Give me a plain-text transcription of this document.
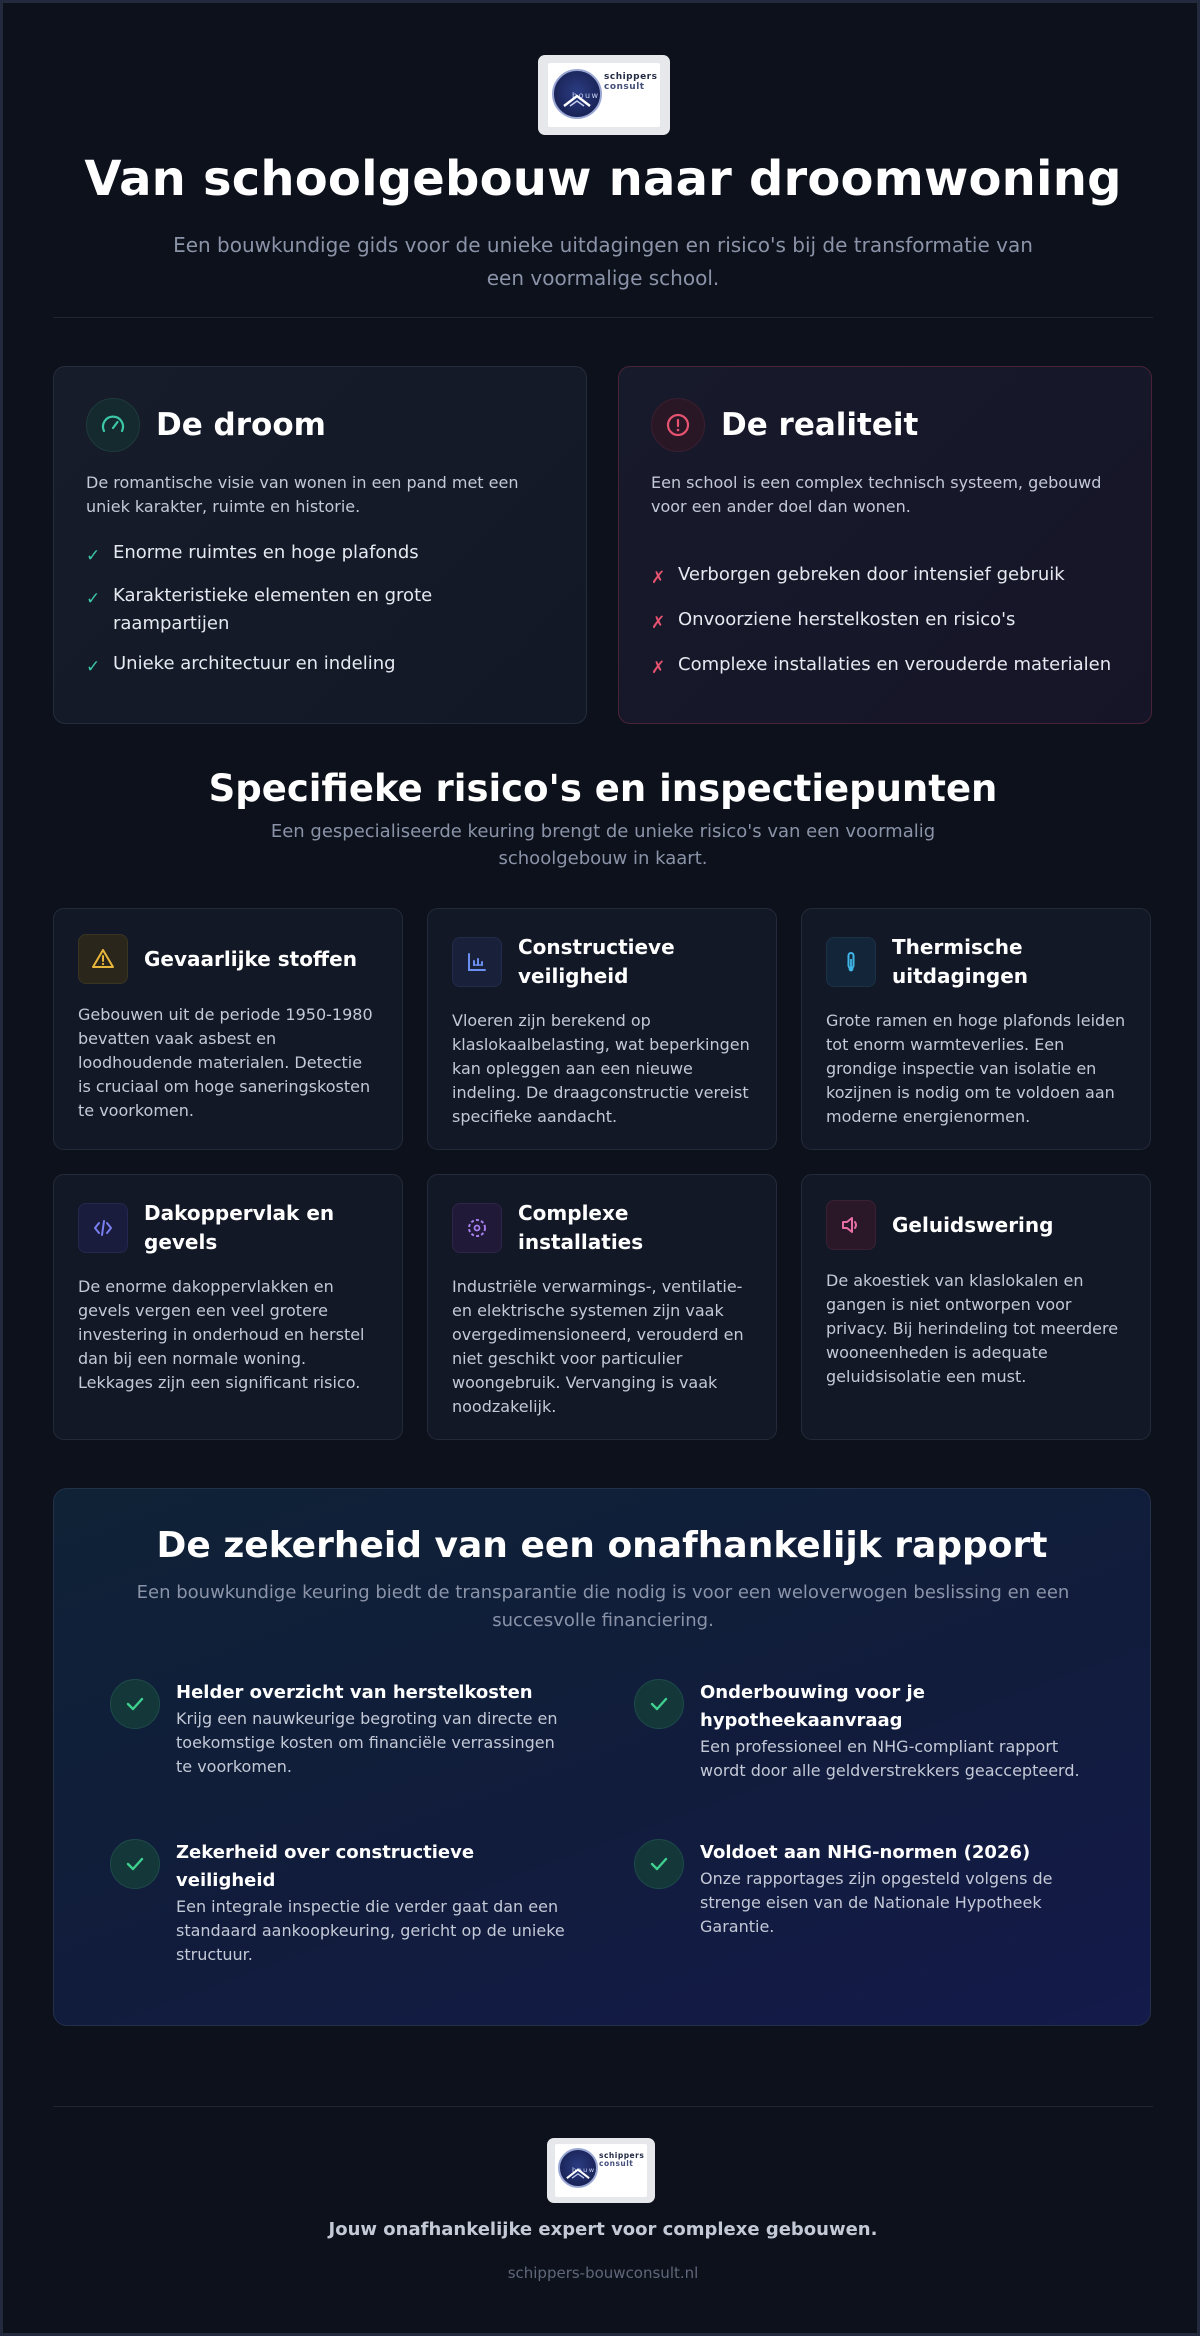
bouw
schippers
consult
Van schoolgebouw naar droomwoning

Een bouwkundige gids voor de unieke uitdagingen en risico's bij de transformatie van een voormalige school.

De droom

De romantische visie van wonen in een pand met een uniek karakter, ruimte en historie.

✓ Enorme ruimtes en hoge plafonds
✓ Karakteristieke elementen en grote raampartijen
✓ Unieke architectuur en indeling
De realiteit

Een school is een complex technisch systeem, gebouwd voor een ander doel dan wonen.

✗ Verborgen gebreken door intensief gebruik
✗ Onvoorziene herstelkosten en risico's
✗ Complexe installaties en verouderde materialen
Specifieke risico's en inspectiepunten

Een gespecialiseerde keuring brengt de unieke risico's van een voormalig schoolgebouw in kaart.

Gevaarlijke stoffen

Gebouwen uit de periode 1950-1980 bevatten vaak asbest en loodhoudende materialen. Detectie is cruciaal om hoge saneringskosten te voorkomen.

Constructieve veiligheid

Vloeren zijn berekend op klaslokaalbelasting, wat beperkingen kan opleggen aan een nieuwe indeling. De draagconstructie vereist specifieke aandacht.

Thermische uitdagingen

Grote ramen en hoge plafonds leiden tot enorm warmteverlies. Een grondige inspectie van isolatie en kozijnen is nodig om te voldoen aan moderne energienormen.

Dakoppervlak en gevels

De enorme dakoppervlakken en gevels vergen een veel grotere investering in onderhoud en herstel dan bij een normale woning. Lekkages zijn een significant risico.

Complexe installaties

Industriële verwarmings-, ventilatie- en elektrische systemen zijn vaak overgedimensioneerd, verouderd en niet geschikt voor particulier woongebruik. Vervanging is vaak noodzakelijk.

Geluidswering

De akoestiek van klaslokalen en gangen is niet ontworpen voor privacy. Bij herindeling tot meerdere wooneenheden is adequate geluidsisolatie een must.

De zekerheid van een onafhankelijk rapport

Een bouwkundige keuring biedt de transparantie die nodig is voor een weloverwogen beslissing en een succesvolle financiering.

Helder overzicht van herstelkosten
Krijg een nauwkeurige begroting van directe en toekomstige kosten om financiële verrassingen te voorkomen.
Onderbouwing voor je hypotheekaanvraag
Een professioneel en NHG-compliant rapport wordt door alle geldverstrekkers geaccepteerd.
Zekerheid over constructieve veiligheid
Een integrale inspectie die verder gaat dan een standaard aankoopkeuring, gericht op de unieke structuur.
Voldoet aan NHG-normen (2026)
Onze rapportages zijn opgesteld volgens de strenge eisen van de Nationale Hypotheek Garantie.
bouw
schippers
consult

Jouw onafhankelijke expert voor complexe gebouwen.

schippers-bouwconsult.nl
